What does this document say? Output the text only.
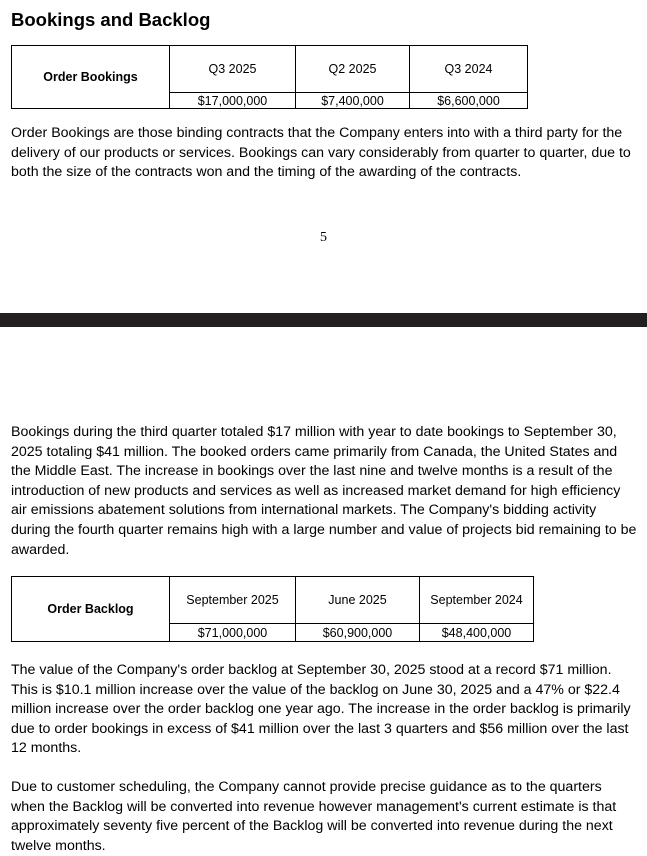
Bookings and Backlog
Order Bookings	Q3 2025	Q2 2025	Q3 2024
	$17,000,000	$7,400,000	$6,600,000

Order Bookings are those binding contracts that the Company enters into with a third party for the delivery of our products or services. Bookings can vary considerably from quarter to quarter, due to both the size of the contracts won and the timing of the awarding of the contracts.

5

Bookings during the third quarter totaled $17 million with year to date bookings to September 30, 2025 totaling $41 million. The booked orders came primarily from Canada, the United States and the Middle East. The increase in bookings over the last nine and twelve months is a result of the introduction of new products and services as well as increased market demand for high efficiency air emissions abatement solutions from international markets. The Company's bidding activity during the fourth quarter remains high with a large number and value of projects bid remaining to be awarded.

Order Backlog	September 2025	June 2025	September 2024
	$71,000,000	$60,900,000	$48,400,000

The value of the Company's order backlog at September 30, 2025 stood at a record $71 million. This is $10.1 million increase over the value of the backlog on June 30, 2025 and a 47% or $22.4 million increase over the order backlog one year ago. The increase in the order backlog is primarily due to order bookings in excess of $41 million over the last 3 quarters and $56 million over the last 12 months.

Due to customer scheduling, the Company cannot provide precise guidance as to the quarters when the Backlog will be converted into revenue however management's current estimate is that approximately seventy five percent of the Backlog will be converted into revenue during the next twelve months.
